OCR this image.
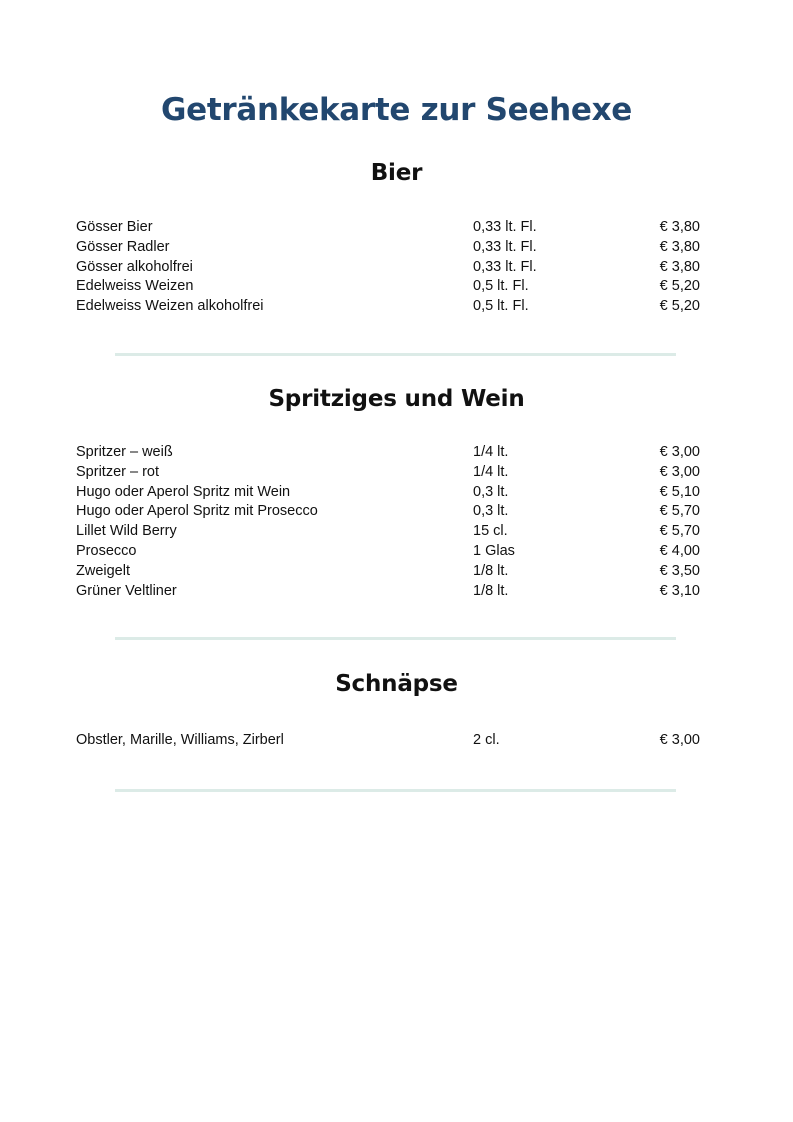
Getränkekarte zur Seehexe
Bier
Gösser Bier	0,33 lt. Fl.	€ 3,80
Gösser Radler	0,33 lt. Fl.	€ 3,80
Gösser alkoholfrei	0,33 lt. Fl.	€ 3,80
Edelweiss Weizen	0,5 lt. Fl.	€ 5,20
Edelweiss Weizen alkoholfrei	0,5 lt. Fl.	€ 5,20
Spritziges und Wein
Spritzer – weiß	1/4 lt.	€ 3,00
Spritzer – rot	1/4 lt.	€ 3,00
Hugo oder Aperol Spritz mit Wein	0,3 lt.	€ 5,10
Hugo oder Aperol Spritz mit Prosecco	0,3 lt.	€ 5,70
Lillet Wild Berry	15 cl.	€ 5,70
Prosecco	1 Glas	€ 4,00
Zweigelt	1/8 lt.	€ 3,50
Grüner Veltliner	1/8 lt.	€ 3,10
Schnäpse
Obstler, Marille, Williams, Zirberl	2 cl.	€ 3,00
